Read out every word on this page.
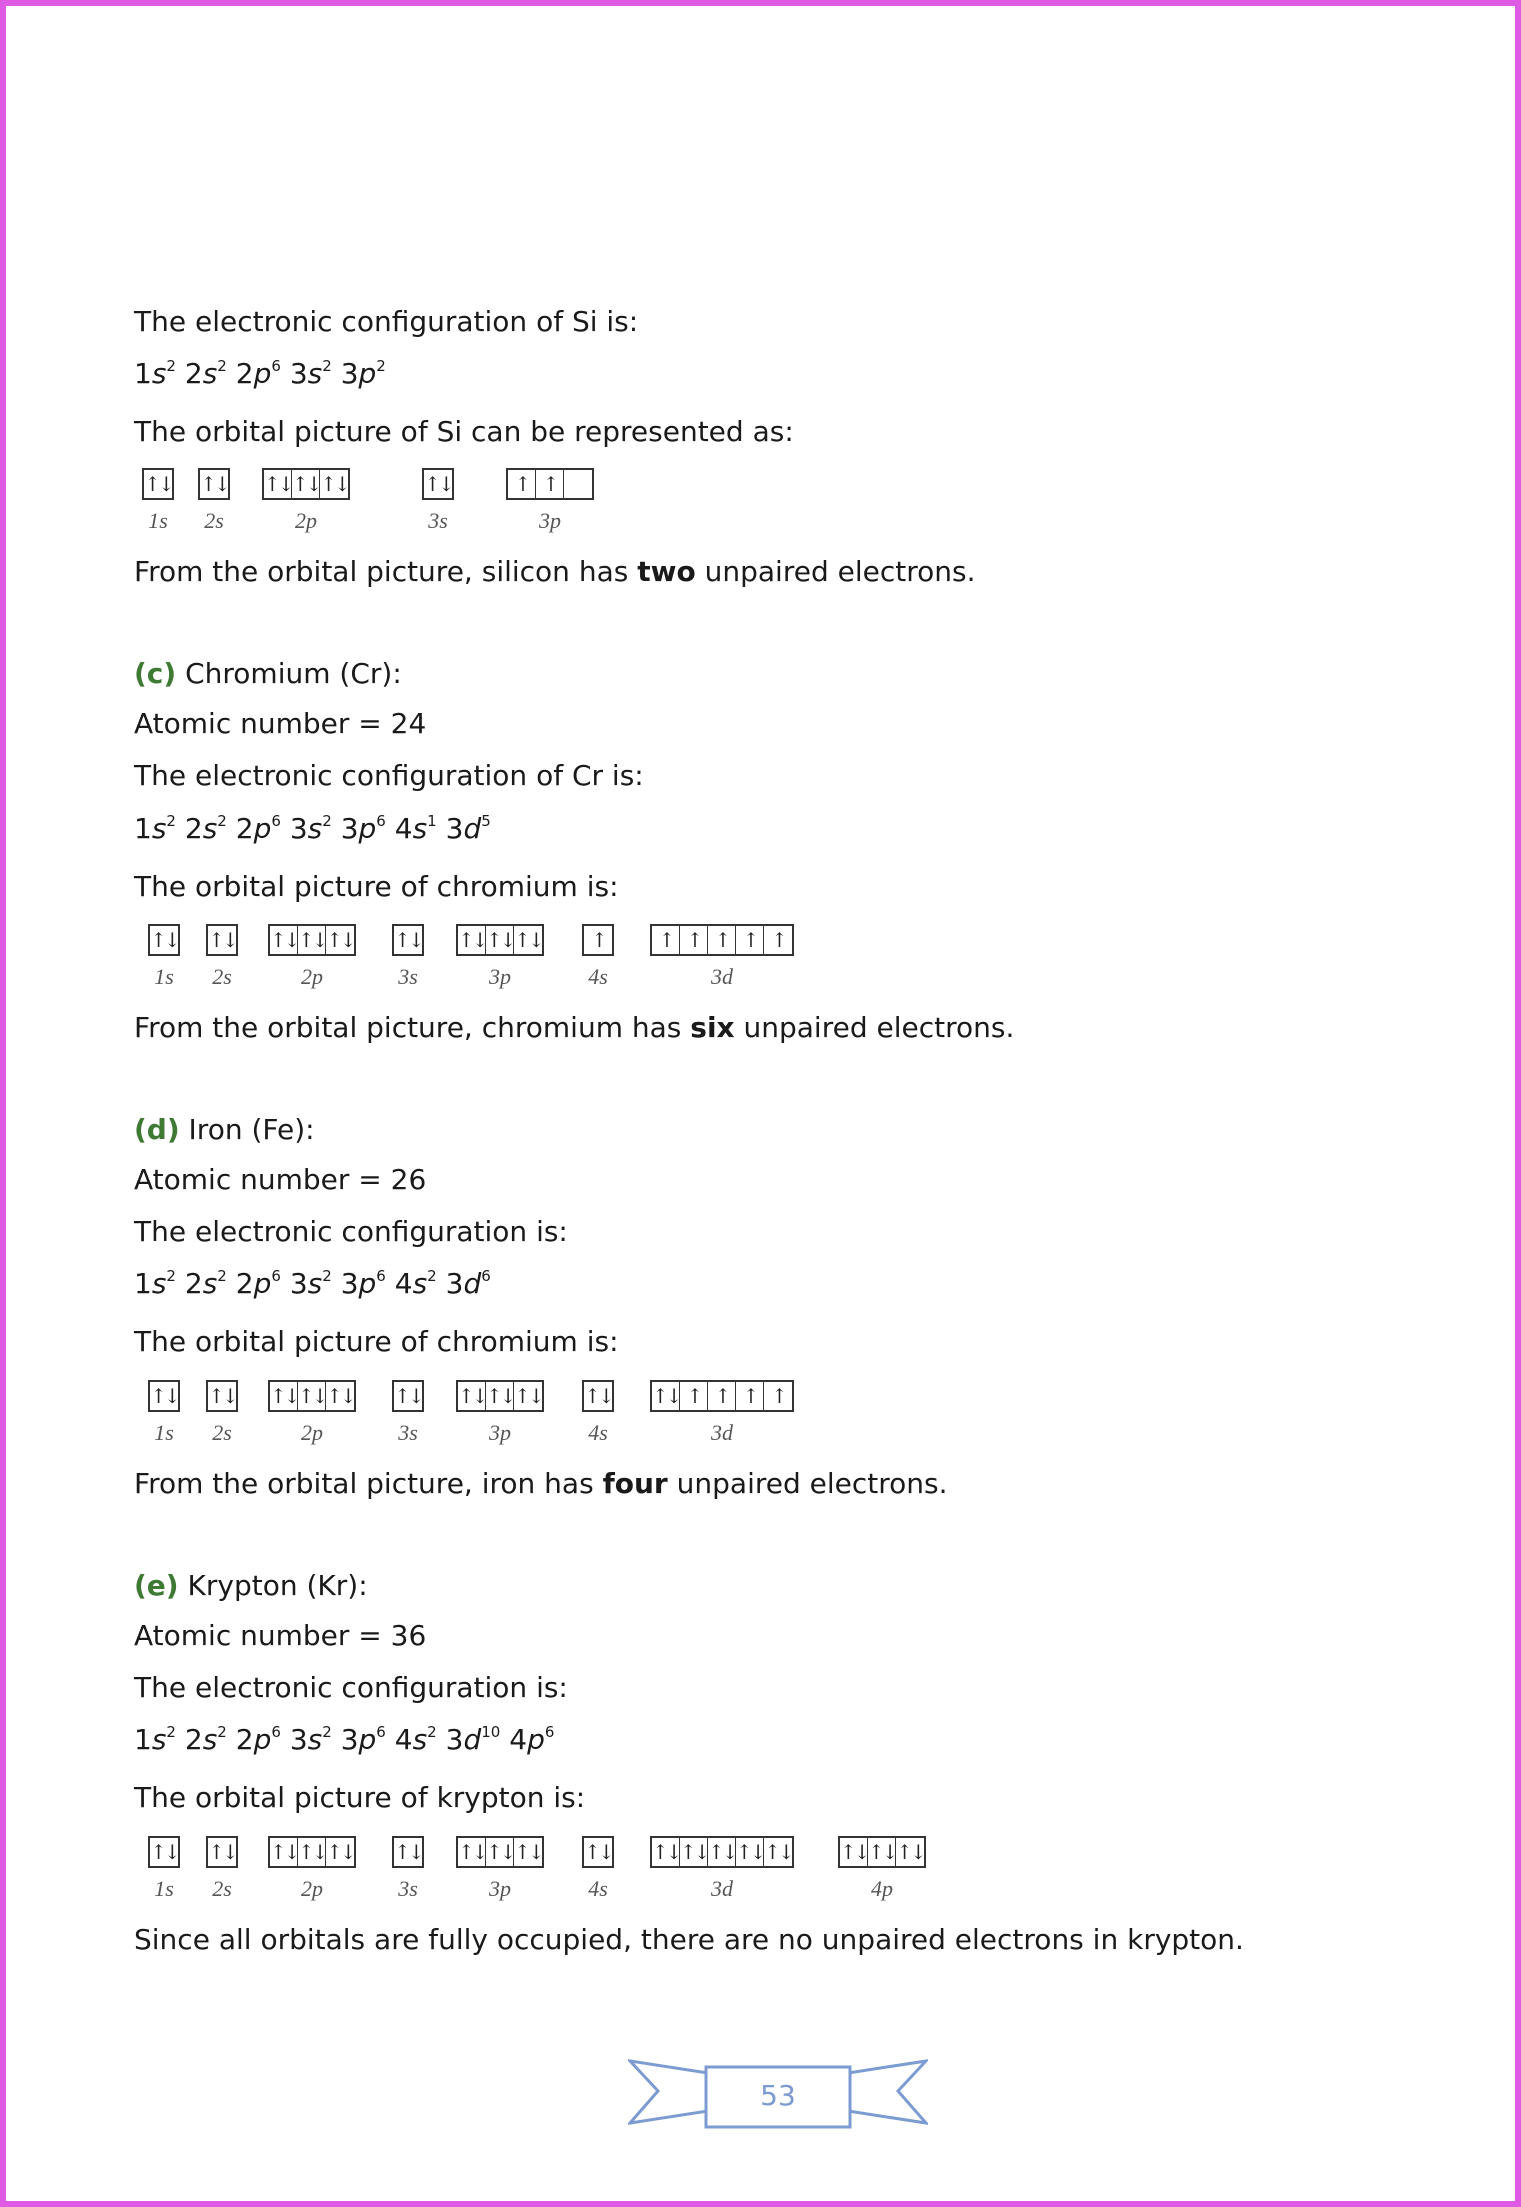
The electronic configuration of Si is:
$1s^2$ $2s^2$ $2p^6$ $3s^2$ $3p^2$
The orbital picture of Si can be represented as:
↑↓
1s
↑↓
2s
↑↓ ↑↓ ↑↓
2p
↑↓
3s
↑ ↑
3p
From the orbital picture, silicon has two unpaired electrons.
(c) Chromium (Cr):
Atomic number = 24
The electronic configuration of Cr is:
$1s^2$ $2s^2$ $2p^6$ $3s^2$ $3p^6$ $4s^1$ $3d^5$
The orbital picture of chromium is:
↑↓
1s
↑↓
2s
↑↓ ↑↓ ↑↓
2p
↑↓
3s
↑↓ ↑↓ ↑↓
3p
↑
4s
↑ ↑ ↑ ↑ ↑
3d
From the orbital picture, chromium has six unpaired electrons.
(d) Iron (Fe):
Atomic number = 26
The electronic configuration is:
$1s^2$ $2s^2$ $2p^6$ $3s^2$ $3p^6$ $4s^2$ $3d^6$
The orbital picture of chromium is:
↑↓
1s
↑↓
2s
↑↓ ↑↓ ↑↓
2p
↑↓
3s
↑↓ ↑↓ ↑↓
3p
↑↓
4s
↑↓ ↑ ↑ ↑ ↑
3d
From the orbital picture, iron has four unpaired electrons.
(e) Krypton (Kr):
Atomic number = 36
The electronic configuration is:
$1s^2$ $2s^2$ $2p^6$ $3s^2$ $3p^6$ $4s^2$ $3d^{10}$ $4p^6$
The orbital picture of krypton is:
↑↓
1s
↑↓
2s
↑↓ ↑↓ ↑↓
2p
↑↓
3s
↑↓ ↑↓ ↑↓
3p
↑↓
4s
↑↓ ↑↓ ↑↓ ↑↓ ↑↓
3d
↑↓ ↑↓ ↑↓
4p
Since all orbitals are fully occupied, there are no unpaired electrons in krypton.
53
